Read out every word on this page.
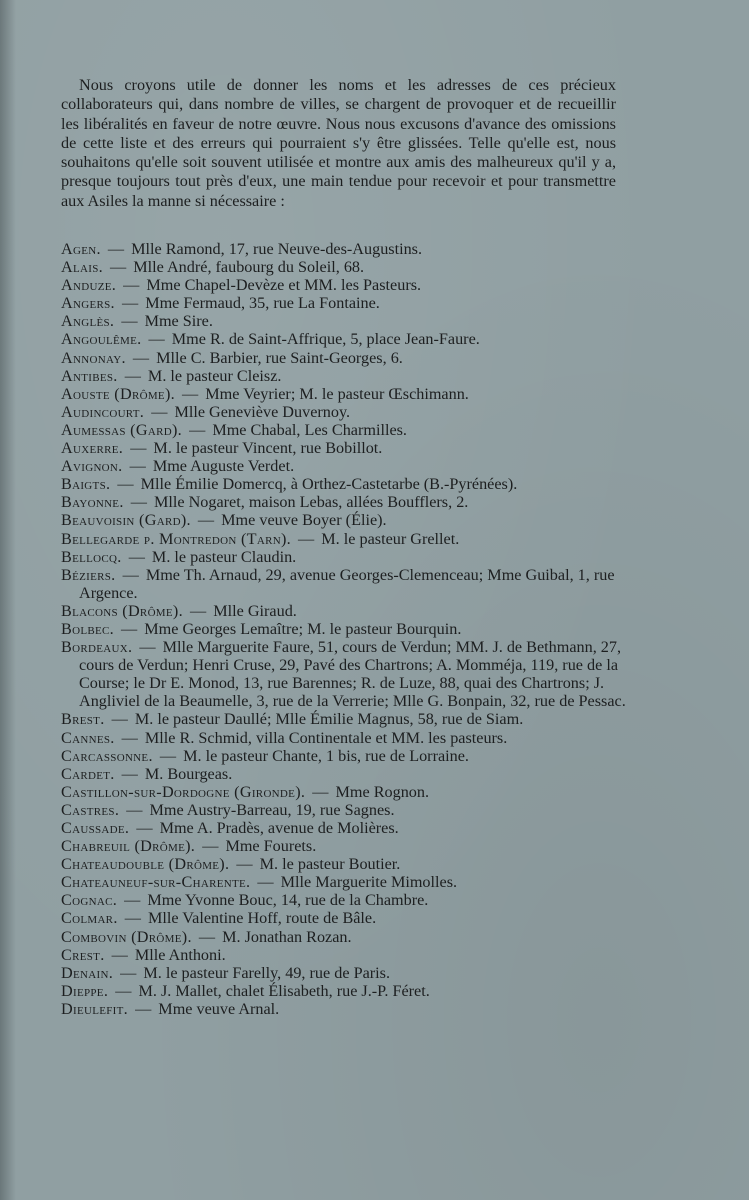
Nous croyons utile de donner les noms et les adresses de ces précieux collaborateurs qui, dans nombre de villes, se chargent de provoquer et de recueillir les libéralités en faveur de notre œuvre. Nous nous excusons d'avance des omissions de cette liste et des erreurs qui pourraient s'y être glissées. Telle qu'elle est, nous souhaitons qu'elle soit souvent utilisée et montre aux amis des malheureux qu'il y a, presque toujours tout près d'eux, une main tendue pour recevoir et pour transmettre aux Asiles la manne si nécessaire :

Agen. — Mlle Ramond, 17, rue Neuve-des-Augustins.
Alais. — Mlle André, faubourg du Soleil, 68.
Anduze. — Mme Chapel-Devèze et MM. les Pasteurs.
Angers. — Mme Fermaud, 35, rue La Fontaine.
Anglès. — Mme Sire.
Angoulême. — Mme R. de Saint-Affrique, 5, place Jean-Faure.
Annonay. — Mlle C. Barbier, rue Saint-Georges, 6.
Antibes. — M. le pasteur Cleisz.
Aouste (Drôme). — Mme Veyrier; M. le pasteur Œschimann.
Audincourt. — Mlle Geneviève Duvernoy.
Aumessas (Gard). — Mme Chabal, Les Charmilles.
Auxerre. — M. le pasteur Vincent, rue Bobillot.
Avignon. — Mme Auguste Verdet.
Baigts. — Mlle Émilie Domercq, à Orthez-Castetarbe (B.-Pyrénées).
Bayonne. — Mlle Nogaret, maison Lebas, allées Boufflers, 2.
Beauvoisin (Gard). — Mme veuve Boyer (Élie).
Bellegarde p. Montredon (Tarn). — M. le pasteur Grellet.
Bellocq. — M. le pasteur Claudin.
Béziers. — Mme Th. Arnaud, 29, avenue Georges-Clemenceau; Mme Guibal, 1, rue Argence.
Blacons (Drôme). — Mlle Giraud.
Bolbec. — Mme Georges Lemaître; M. le pasteur Bourquin.
Bordeaux. — Mlle Marguerite Faure, 51, cours de Verdun; MM. J. de Bethmann, 27, cours de Verdun; Henri Cruse, 29, Pavé des Chartrons; A. Momméja, 119, rue de la Course; le Dr E. Monod, 13, rue Barennes; R. de Luze, 88, quai des Chartrons; J. Angliviel de la Beaumelle, 3, rue de la Verrerie; Mlle G. Bonpain, 32, rue de Pessac.
Brest. — M. le pasteur Daullé; Mlle Émilie Magnus, 58, rue de Siam.
Cannes. — Mlle R. Schmid, villa Continentale et MM. les pasteurs.
Carcassonne. — M. le pasteur Chante, 1 bis, rue de Lorraine.
Cardet. — M. Bourgeas.
Castillon-sur-Dordogne (Gironde). — Mme Rognon.
Castres. — Mme Austry-Barreau, 19, rue Sagnes.
Caussade. — Mme A. Pradès, avenue de Molières.
Chabreuil (Drôme). — Mme Fourets.
Chateaudouble (Drôme). — M. le pasteur Boutier.
Chateauneuf-sur-Charente. — Mlle Marguerite Mimolles.
Cognac. — Mme Yvonne Bouc, 14, rue de la Chambre.
Colmar. — Mlle Valentine Hoff, route de Bâle.
Combovin (Drôme). — M. Jonathan Rozan.
Crest. — Mlle Anthoni.
Denain. — M. le pasteur Farelly, 49, rue de Paris.
Dieppe. — M. J. Mallet, chalet Élisabeth, rue J.-P. Féret.
Dieulefit. — Mme veuve Arnal.
